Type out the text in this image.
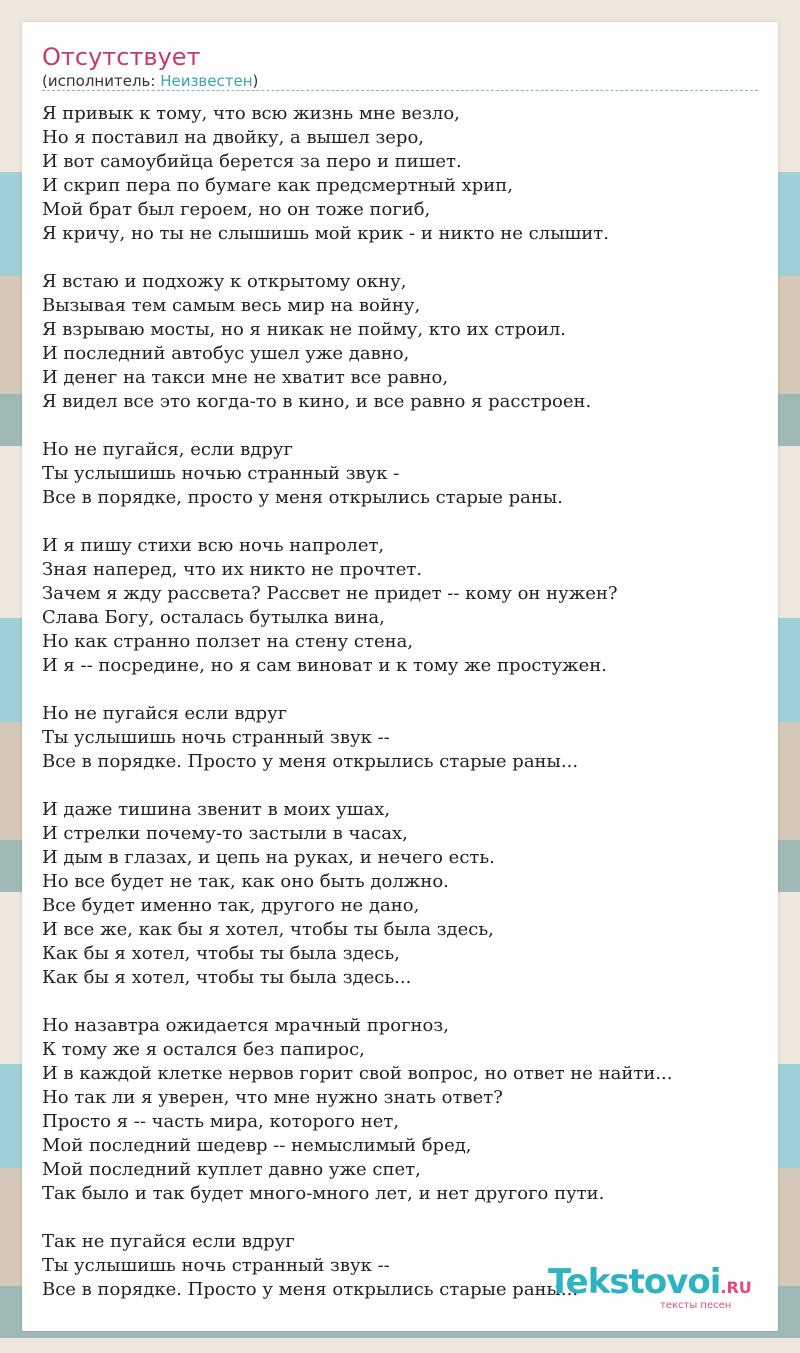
Отсутствует
(исполнитель: Неизвестен)
Я привык к тому, что всю жизнь мне везло,
Но я поставил на двойку, а вышел зеро,
И вот самоубийца берется за перо и пишет.
И скрип пера по бумаге как предсмертный хрип,
Мой брат был героем, но он тоже погиб,
Я кричу, но ты не слышишь мой крик - и никто не слышит.
Я встаю и подхожу к открытому окну,
Вызывая тем самым весь мир на войну,
Я взрываю мосты, но я никак не пойму, кто их строил.
И последний автобус ушел уже давно,
И денег на такси мне не хватит все равно,
Я видел все это когда-то в кино, и все равно я расстроен.
Но не пугайся, если вдруг
Ты услышишь ночью странный звук -
Все в порядке, просто у меня открылись старые раны.
И я пишу стихи всю ночь напролет,
Зная наперед, что их никто не прочтет.
Зачем я жду рассвета? Рассвет не придет -- кому он нужен?
Слава Богу, осталась бутылка вина,
Но как странно ползет на стену стена,
И я -- посредине, но я сам виноват и к тому же простужен.
Но не пугайся если вдруг
Ты услышишь ночь странный звук --
Все в порядке. Просто у меня открылись старые раны...
И даже тишина звенит в моих ушах,
И стрелки почему-то застыли в часах,
И дым в глазах, и цепь на руках, и нечего есть.
Но все будет не так, как оно быть должно.
Все будет именно так, другого не дано,
И все же, как бы я хотел, чтобы ты была здесь,
Как бы я хотел, чтобы ты была здесь,
Как бы я хотел, чтобы ты была здесь...
Но назавтра ожидается мрачный прогноз,
К тому же я остался без папирос,
И в каждой клетке нервов горит свой вопрос, но ответ не найти...
Но так ли я уверен, что мне нужно знать ответ?
Просто я -- часть мира, которого нет,
Мой последний шедевр -- немыслимый бред,
Мой последний куплет давно уже спет,
Так было и так будет много-много лет, и нет другого пути.
Так не пугайся если вдруг
Ты услышишь ночь странный звук --
Все в порядке. Просто у меня открылись старые раны...
Tekstovoi.RU
тексты песен
